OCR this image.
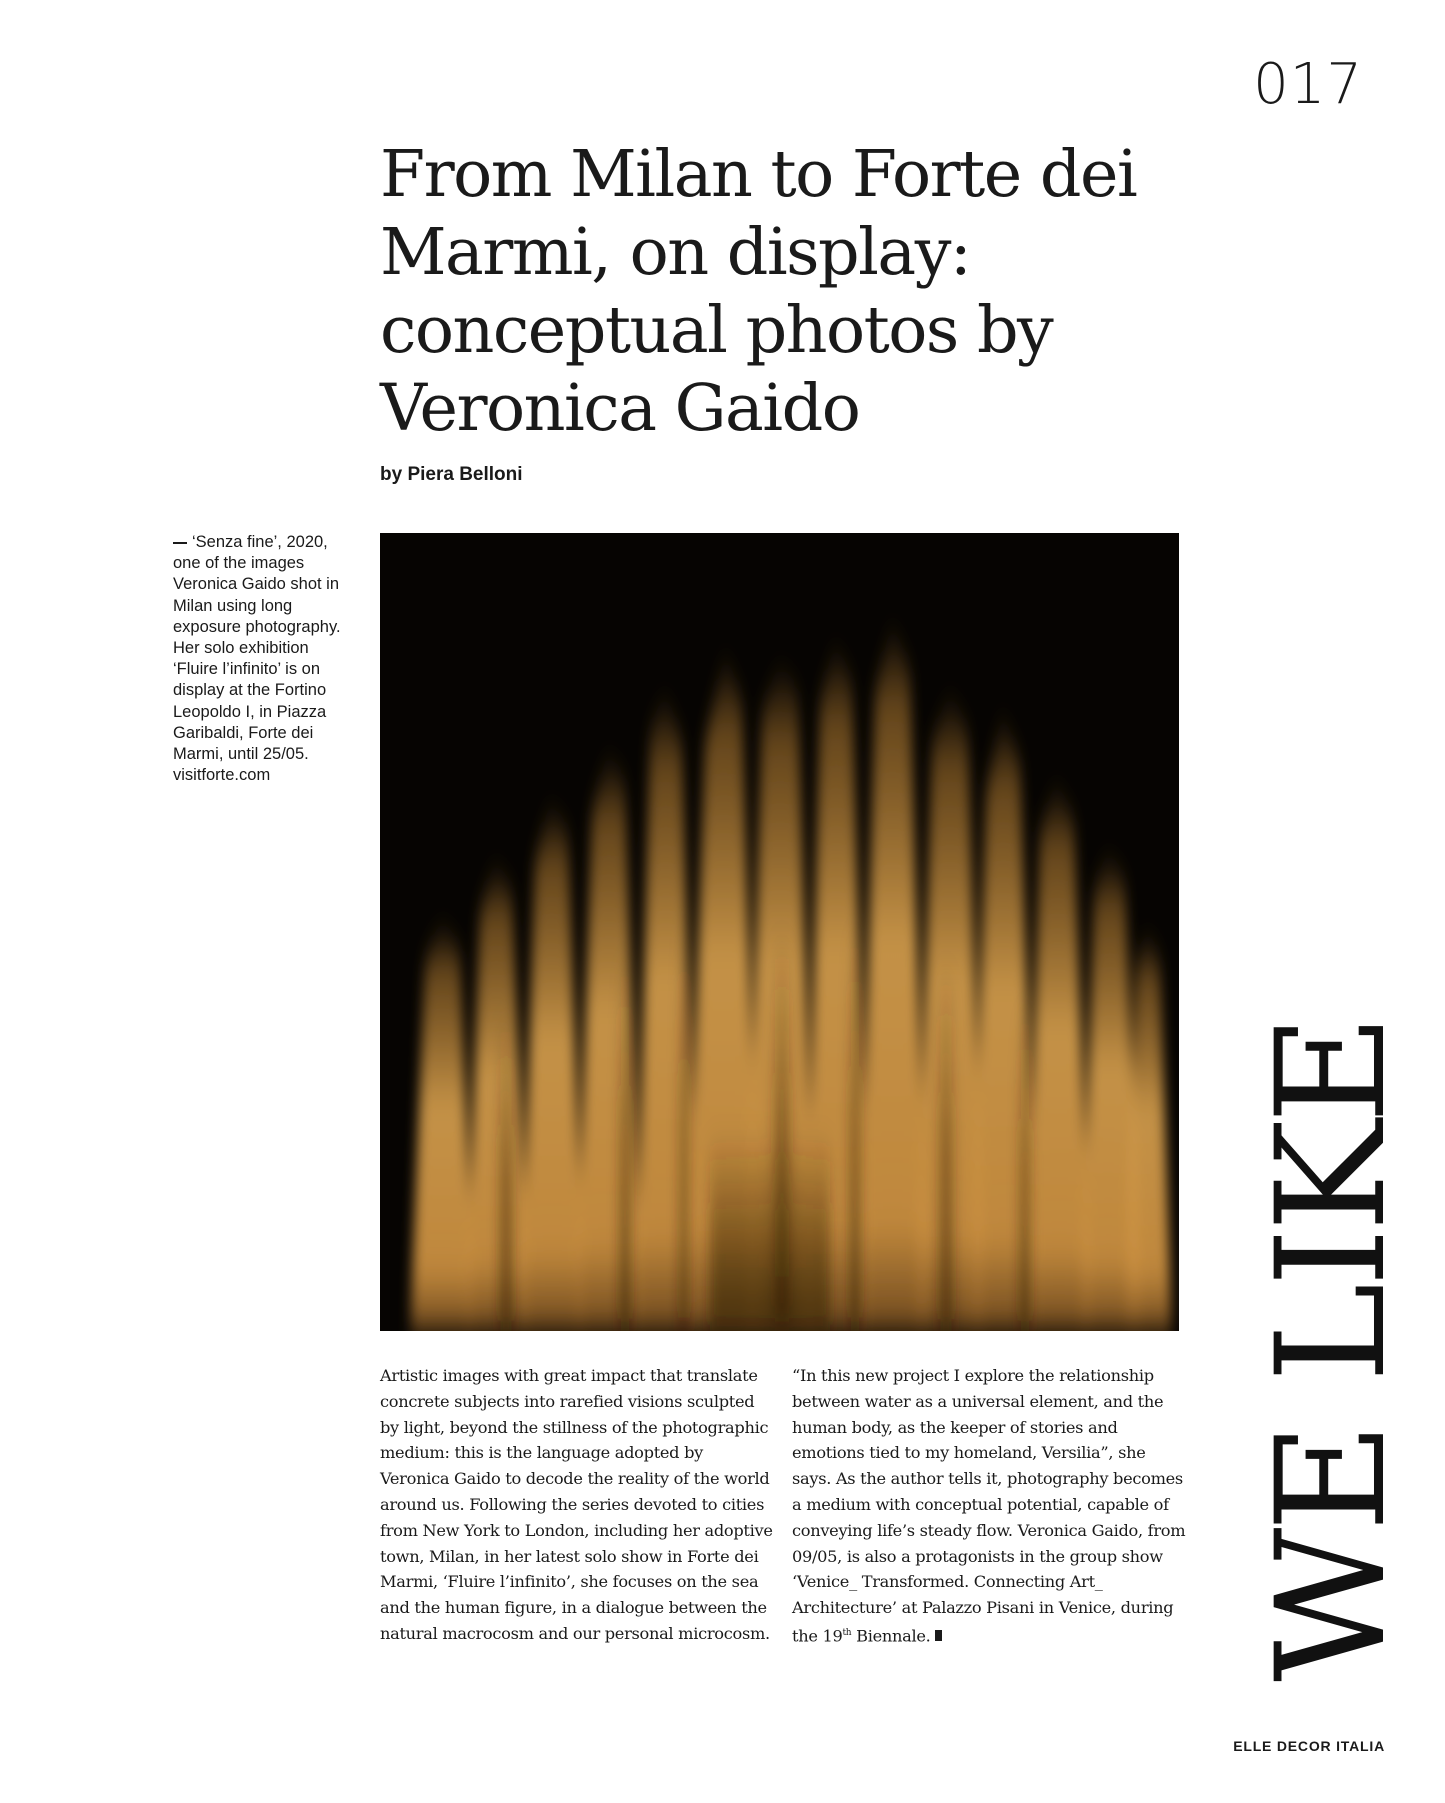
017
From Milan to Forte dei Marmi, on display: conceptual photos by Veronica Gaido
by Piera Belloni
‘Senza fine’, 2020, one of the images Veronica Gaido shot in Milan using long exposure photography. Her solo exhibition ‘Fluire l’infinito’ is on display at the Fortino Leopoldo I, in Piazza Garibaldi, Forte dei Marmi, until 25/05. visitforte.com

Artistic images with great impact that translate concrete subjects into rarefied visions sculpted by light, beyond the stillness of the photographic medium: this is the language adopted by Veronica Gaido to decode the reality of the world around us. Following the series devoted to cities from New York to London, including her adoptive town, Milan, in her latest solo show in Forte dei Marmi, ‘Fluire l’infinito’, she focuses on the sea and the human figure, in a dialogue between the natural macrocosm and our personal microcosm.

“In this new project I explore the relationship between water as a universal element, and the human body, as the keeper of stories and emotions tied to my homeland, Versilia”, she says. As the author tells it, photography becomes a medium with conceptual potential, capable of conveying life’s steady flow. Veronica Gaido, from 09/05, is also a protagonists in the group show ‘Venice_ Transformed. Connecting Art_ Architecture’ at Palazzo Pisani in Venice, during the 19th Biennale.	WE LIKE
ELLE DECOR ITALIA
